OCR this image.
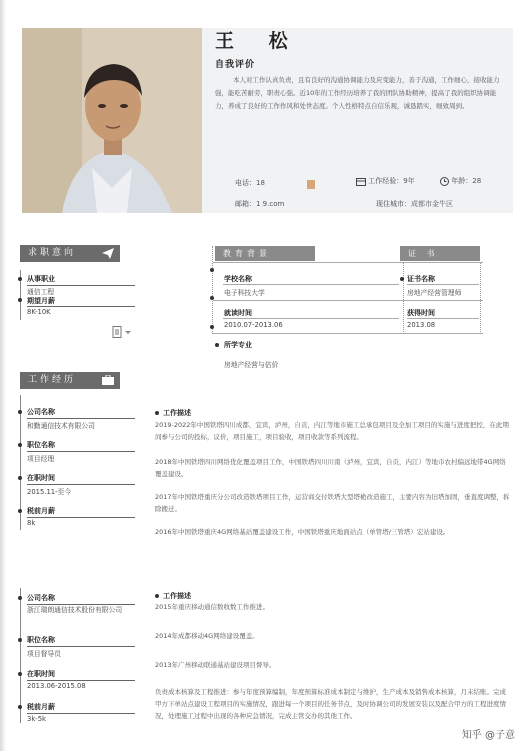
王 松
自我评价
本人对工作认真负责，且有良好的沟通协调能力及应变能力，善于沟通，工作细心，接收能力强，能吃苦耐劳，职责心强。近10年的工作经历培养了我的团队协助精神，提高了我的组织协调能力，养成了良好的工作作风和处世态度。个人性格特点自信乐观，诚恳踏实，细致周到。
电话：18	工作经验：9年	年龄：28
邮箱：1 9.com	现住城市：成都市金牛区
求职意向
从事职业
通信工程
期望月薪
8K-10K
教育背景	证 书
学校名称
电子科技大学
就读时间
2010.07-2013.06
证书名称
房地产经营管理师
获得时间
2013.08
所学专业
房地产经营与估价
工作经历
公司名称
和勤通信技术有限公司
职位名称
项目经理
在职时间
2015.11-至今
税前月薪
8k
工作描述
2019-2022年中国铁塔四川成都，宜宾，泸州，自贡，内江等地市施工总承包项目及全加工项目的实施与进度把控，在此期间参与公司的投标，议价，项目施工，项目验收，项目收款等系列流程。
2018年中国铁塔四川网络优化覆盖项目工作，中国铁塔四川川南（泸州，宜宾，自贡，内江）等地市农村偏远地带4G网络覆盖建设。
2017年中国铁塔重庆分公司改造铁塔项目工作，运营商交付铁塔大型塔桅改造施工，主要内容为旧塔加固，垂直度调整，拆除搬迁。
2016年中国铁塔重庆4G网络基站覆盖建设工作，中国铁塔重庆地面站点（单管塔/三管塔）宏站建设。
公司名称
浙江瑞朗通信技术股份有限公司
职位名称
项目督导员
在职时间
2013.06-2015.08
税前月薪
3k-5k
工作描述
2015年重庆移动通信数收数工作推进。
2014年成都移动4G网络建设覆盖。
2013年广州移动联通基站建设项目督导。
负责成本核算及工程推进：参与年度预算编制，年度预算标准成本制定与维护，生产成本及销售成本核算，月末结账。完成甲方下单站点建设工程项目的实施情况，跟进每一个项目的任务节点，及时协调公司的发展安装以及配合甲方的工程进度情况，处理施工过程中出现的各种应急情况，完成主管交办的其他工作。
知乎 @子意
